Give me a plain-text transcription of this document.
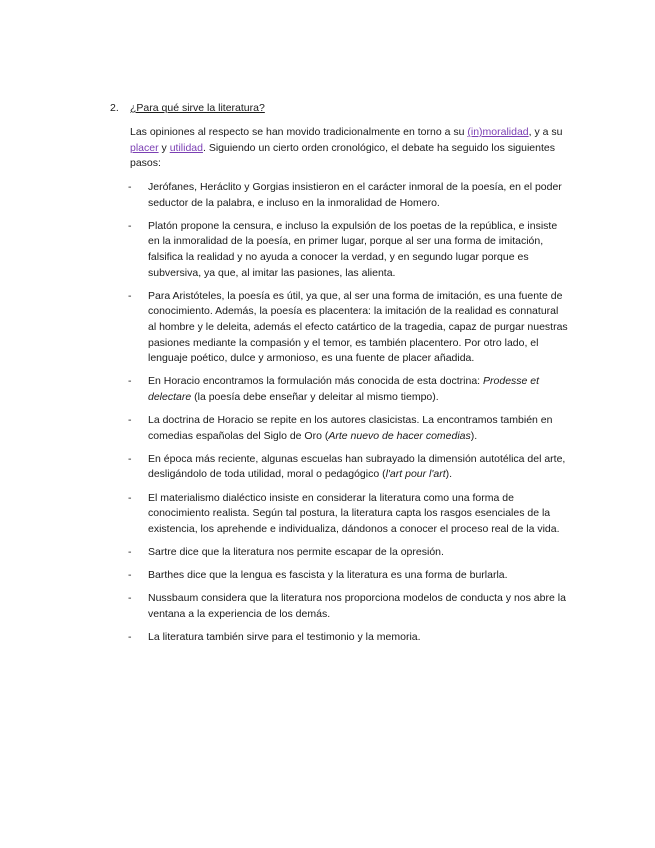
2. ¿Para qué sirve la literatura?

Las opiniones al respecto se han movido tradicionalmente en torno a su (in)moralidad, y a su placer y utilidad. Siguiendo un cierto orden cronológico, el debate ha seguido los siguientes pasos:

-	Jerófanes, Heráclito y Gorgias insistieron en el carácter inmoral de la poesía, en el poder seductor de la palabra, e incluso en la inmoralidad de Homero.
-	Platón propone la censura, e incluso la expulsión de los poetas de la república, e insiste en la inmoralidad de la poesía, en primer lugar, porque al ser una forma de imitación, falsifica la realidad y no ayuda a conocer la verdad, y en segundo lugar porque es subversiva, ya que, al imitar las pasiones, las alienta.
-	Para Aristóteles, la poesía es útil, ya que, al ser una forma de imitación, es una fuente de conocimiento. Además, la poesía es placentera: la imitación de la realidad es connatural al hombre y le deleita, además el efecto catártico de la tragedia, capaz de purgar nuestras pasiones mediante la compasión y el temor, es también placentero. Por otro lado, el lenguaje poético, dulce y armonioso, es una fuente de placer añadida.
-	En Horacio encontramos la formulación más conocida de esta doctrina: Prodesse et delectare (la poesía debe enseñar y deleitar al mismo tiempo).
-	La doctrina de Horacio se repite en los autores clasicistas. La encontramos también en comedias españolas del Siglo de Oro (Arte nuevo de hacer comedias).
-	En época más reciente, algunas escuelas han subrayado la dimensión autotélica del arte, desligándolo de toda utilidad, moral o pedagógico (l'art pour l'art).
-	El materialismo dialéctico insiste en considerar la literatura como una forma de conocimiento realista. Según tal postura, la literatura capta los rasgos esenciales de la existencia, los aprehende e individualiza, dándonos a conocer el proceso real de la vida.
-	Sartre dice que la literatura nos permite escapar de la opresión.
-	Barthes dice que la lengua es fascista y la literatura es una forma de burlarla.
-	Nussbaum considera que la literatura nos proporciona modelos de conducta y nos abre la ventana a la experiencia de los demás.
-	La literatura también sirve para el testimonio y la memoria.
